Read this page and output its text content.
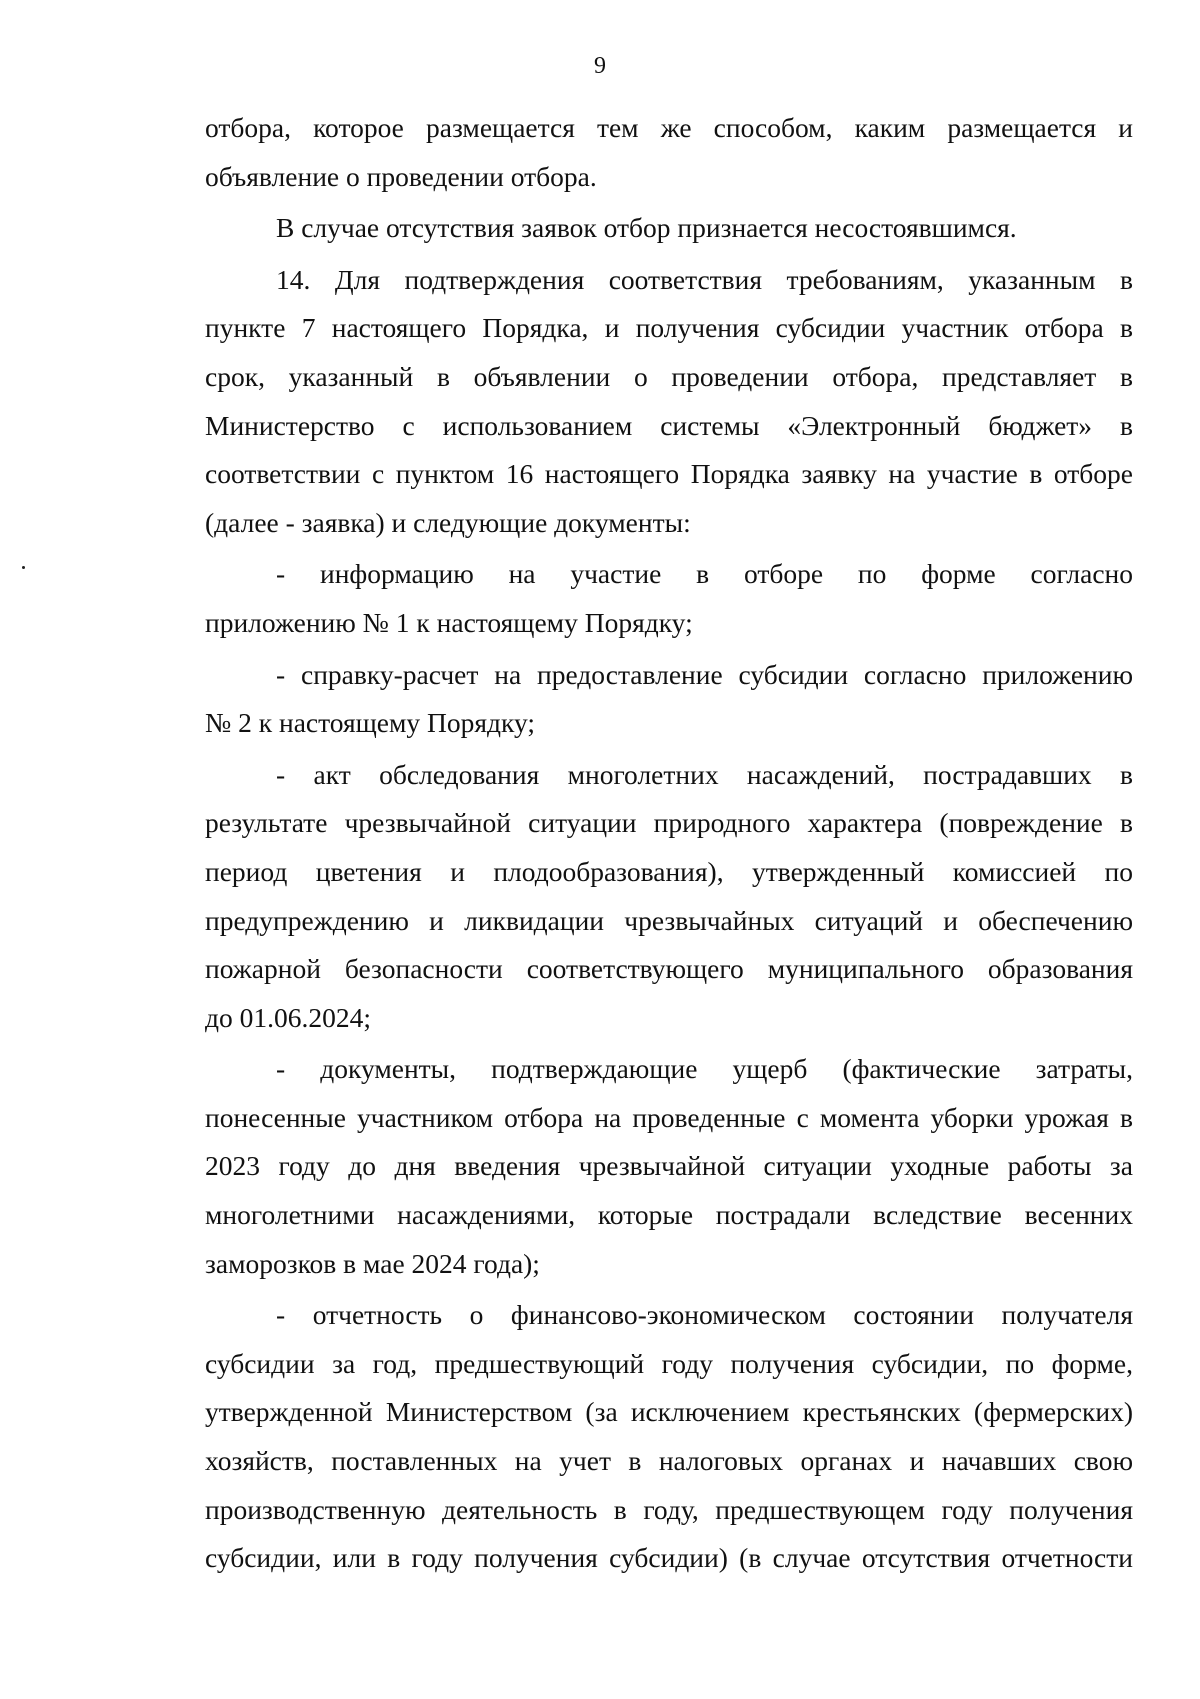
9
отбора, которое размещается тем же способом, каким размещается и
объявление о проведении отбора.
В случае отсутствия заявок отбор признается несостоявшимся.
14. Для подтверждения соответствия требованиям, указанным в
пункте 7 настоящего Порядка, и получения субсидии участник отбора в
срок, указанный в объявлении о проведении отбора, представляет в
Министерство с использованием системы «Электронный бюджет» в
соответствии с пунктом 16 настоящего Порядка заявку на участие в отборе
(далее - заявка) и следующие документы:
- информацию на участие в отборе по форме согласно
приложению № 1 к настоящему Порядку;
- справку-расчет на предоставление субсидии согласно приложению
№ 2 к настоящему Порядку;
- акт обследования многолетних насаждений, пострадавших в
результате чрезвычайной ситуации природного характера (повреждение в
период цветения и плодообразования), утвержденный комиссией по
предупреждению и ликвидации чрезвычайных ситуаций и обеспечению
пожарной безопасности соответствующего муниципального образования
до 01.06.2024;
- документы, подтверждающие ущерб (фактические затраты,
понесенные участником отбора на проведенные с момента уборки урожая в
2023 году до дня введения чрезвычайной ситуации уходные работы за
многолетними насаждениями, которые пострадали вследствие весенних
заморозков в мае 2024 года);
- отчетность о финансово-экономическом состоянии получателя
субсидии за год, предшествующий году получения субсидии, по форме,
утвержденной Министерством (за исключением крестьянских (фермерских)
хозяйств, поставленных на учет в налоговых органах и начавших свою
производственную деятельность в году, предшествующем году получения
субсидии, или в году получения субсидии) (в случае отсутствия отчетности
